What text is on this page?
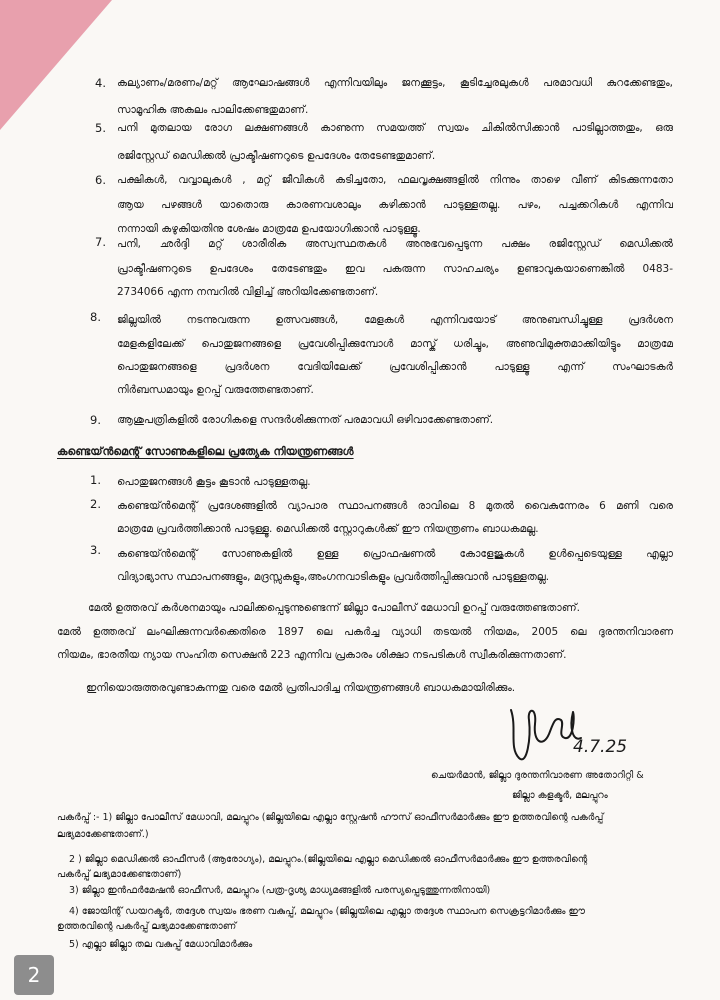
4. കല്യാണം/മരണം/മറ്റ് ആഘോഷങ്ങൾ എന്നിവയിലും ജനക്കൂട്ടം, കൂടിച്ചേരലുകൾ പരമാവധി കുറക്കേണ്ടതും,
സാമൂഹിക അകലം പാലിക്കേണ്ടതുമാണ്.
5. പനി മുതലായ രോഗ ലക്ഷണങ്ങൾ കാണുന്ന സമയത്ത് സ്വയം ചികിൽസിക്കാൻ പാടില്ലാത്തതും, ഒരു
രജിസ്റ്റേഡ് മെഡിക്കൽ പ്രാക്ടീഷണറുടെ ഉപദേശം തേടേണ്ടതുമാണ്.
6. പക്ഷികൾ, വവ്വാലുകൾ , മറ്റ് ജീവികൾ കടിച്ചതോ, ഫലവൃക്ഷങ്ങളിൽ നിന്നും താഴെ വീണ് കിടക്കുന്നതോ
ആയ പഴങ്ങൾ യാതൊരു കാരണവശാലും കഴിക്കാൻ പാടുള്ളതല്ല. പഴം, പച്ചക്കറികൾ എന്നിവ
നന്നായി കഴുകിയതിനു ശേഷം മാത്രമേ ഉപയോഗിക്കാൻ പാടുള്ളൂ.
7. പനി, ഛർദ്ദി മറ്റ് ശാരീരിക അസ്വസ്ഥതകൾ അനുഭവപ്പെടുന്ന പക്ഷം രജിസ്റ്റേഡ് മെഡിക്കൽ
പ്രാക്ടീഷണറുടെ ഉപദേശം തേടേണ്ടതും ഇവ പകരുന്ന സാഹചര്യം ഉണ്ടാവുകയാണെങ്കിൽ 0483-
2734066 എന്ന നമ്പറിൽ വിളിച്ച് അറിയിക്കേണ്ടതാണ്.
8. ജില്ലയിൽ നടന്നുവരുന്ന ഉത്സവങ്ങൾ, മേളകൾ എന്നിവയോട് അനുബന്ധിച്ചുള്ള പ്രദർശന
മേളകളിലേക്ക് പൊതുജനങ്ങളെ പ്രവേശിപ്പിക്കുമ്പോൾ മാസ്ക് ധരിച്ചും, അണുവിമുക്തമാക്കിയിട്ടും മാത്രമേ
പൊതുജനങ്ങളെ പ്രദർശന വേദിയിലേക്ക് പ്രവേശിപ്പിക്കാൻ പാടുള്ളൂ എന്ന് സംഘാടകർ
നിർബന്ധമായും ഉറപ്പ് വരുത്തേണ്ടതാണ്.
9. ആശുപത്രികളിൽ രോഗികളെ സന്ദർശിക്കുന്നത് പരമാവധി ഒഴിവാക്കേണ്ടതാണ്.
കണ്ടെയ്ൻമെന്റ് സോണുകളിലെ പ്രത്യേക നിയന്ത്രണങ്ങൾ
1. പൊതുജനങ്ങൾ കൂട്ടം കൂടാൻ പാടുള്ളതല്ല.
2. കണ്ടെയ്ൻമെന്റ് പ്രദേശങ്ങളിൽ വ്യാപാര സ്ഥാപനങ്ങൾ രാവിലെ 8 മുതൽ വൈകുന്നേരം 6 മണി വരെ
മാത്രമേ പ്രവർത്തിക്കാൻ പാടുള്ളൂ. മെഡിക്കൽ സ്റ്റോറുകൾക്ക് ഈ നിയന്ത്രണം ബാധകമല്ല.
3. കണ്ടെയ്ൻമെന്റ് സോണുകളിൽ ഉള്ള പ്രൊഫഷണൽ കോളേജുകൾ ഉൾപ്പെടെയുള്ള എല്ലാ
വിദ്യാഭ്യാസ സ്ഥാപനങ്ങളും, മദ്രസ്സകളും,അംഗനവാടികളും പ്രവർത്തിപ്പിക്കുവാൻ പാടുള്ളതല്ല.
മേൽ ഉത്തരവ് കർശനമായും പാലിക്കപ്പെടുന്നുണ്ടെന്ന് ജില്ലാ പോലീസ് മേധാവി ഉറപ്പ് വരുത്തേണ്ടതാണ്.
മേൽ ഉത്തരവ് ലംഘിക്കുന്നവർക്കെതിരെ 1897 ലെ പകർച്ച വ്യാധി തടയൽ നിയമം, 2005 ലെ ദുരന്തനിവാരണ
നിയമം, ഭാരതീയ ന്യായ സംഹിത സെക്ഷൻ 223 എന്നിവ പ്രകാരം ശിക്ഷാ നടപടികൾ സ്വീകരിക്കുന്നതാണ്.
ഇനിയൊരുത്തരവുണ്ടാകുന്നതു വരെ മേൽ പ്രതിപാദിച്ച നിയന്ത്രണങ്ങൾ ബാധകമായിരിക്കും.
4.7.25
ചെയർമാൻ, ജില്ലാ ദുരന്തനിവാരണ അതോറിറ്റി &
ജില്ലാ കളക്ടർ, മലപ്പുറം
പകർപ്പ് :- 1) ജില്ലാ പോലീസ് മേധാവി, മലപ്പുറം (ജില്ലയിലെ എല്ലാ സ്റ്റേഷൻ ഹൗസ് ഓഫീസർമാർക്കും ഈ ഉത്തരവിന്റെ പകർപ്പ്
ലഭ്യമാക്കേണ്ടതാണ്.)
2 ) ജില്ലാ മെഡിക്കൽ ഓഫീസർ (ആരോഗ്യം), മലപ്പുറം.(ജില്ലയിലെ എല്ലാ മെഡിക്കൽ ഓഫീസർമാർക്കും ഈ ഉത്തരവിന്റെ
പകർപ്പ് ലഭ്യമാക്കേണ്ടതാണ്)
3) ജില്ലാ ഇൻഫർമേഷൻ ഓഫീസർ, മലപ്പുറം (പത്ര-ദൃശ്യ മാധ്യമങ്ങളിൽ പരസ്യപ്പെടുത്തുന്നതിനായി)
4) ജോയിന്റ് ഡയറക്ടർ, തദ്ദേശ സ്വയം ഭരണ വകുപ്പ്, മലപ്പുറം (ജില്ലയിലെ എല്ലാ തദ്ദേശ സ്ഥാപന സെക്രട്ടറിമാർക്കും ഈ
ഉത്തരവിന്റെ പകർപ്പ് ലഭ്യമാക്കേണ്ടതാണ്
5) എല്ലാ ജില്ലാ തല വകുപ്പ് മേധാവിമാർക്കും
2
